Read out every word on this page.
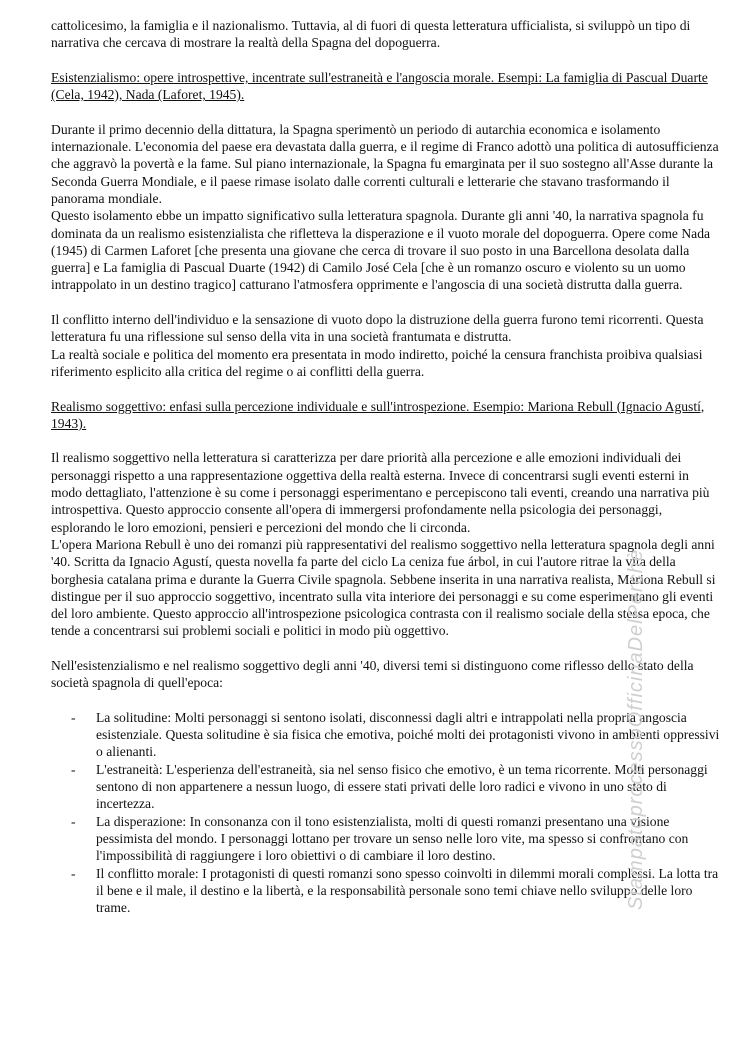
cattolicesimo, la famiglia e il nazionalismo. Tuttavia, al di fuori di questa letteratura ufficialista, si sviluppò un tipo di narrativa che cercava di mostrare la realtà della Spagna del dopoguerra.

Esistenzialismo: opere introspettive, incentrate sull'estraneità e l'angoscia morale. Esempi: La famiglia di Pascual Duarte (Cela, 1942), Nada (Laforet, 1945).

Durante il primo decennio della dittatura, la Spagna sperimentò un periodo di autarchia economica e isolamento internazionale. L'economia del paese era devastata dalla guerra, e il regime di Franco adottò una politica di autosufficienza che aggravò la povertà e la fame. Sul piano internazionale, la Spagna fu emarginata per il suo sostegno all'Asse durante la Seconda Guerra Mondiale, e il paese rimase isolato dalle correnti culturali e letterarie che stavano trasformando il panorama mondiale.

Questo isolamento ebbe un impatto significativo sulla letteratura spagnola. Durante gli anni '40, la narrativa spagnola fu dominata da un realismo esistenzialista che rifletteva la disperazione e il vuoto morale del dopoguerra. Opere come Nada (1945) di Carmen Laforet [che presenta una giovane che cerca di trovare il suo posto in una Barcellona desolata dalla guerra] e La famiglia di Pascual Duarte (1942) di Camilo José Cela [che è un romanzo oscuro e violento su un uomo intrappolato in un destino tragico] catturano l'atmosfera opprimente e l'angoscia di una società distrutta dalla guerra.

Il conflitto interno dell'individuo e la sensazione di vuoto dopo la distruzione della guerra furono temi ricorrenti. Questa letteratura fu una riflessione sul senso della vita in una società frantumata e distrutta.

La realtà sociale e politica del momento era presentata in modo indiretto, poiché la censura franchista proibiva qualsiasi riferimento esplicito alla critica del regime o ai conflitti della guerra.

Realismo soggettivo: enfasi sulla percezione individuale e sull'introspezione. Esempio: Mariona Rebull (Ignacio Agustí, 1943).

Il realismo soggettivo nella letteratura si caratterizza per dare priorità alla percezione e alle emozioni individuali dei personaggi rispetto a una rappresentazione oggettiva della realtà esterna. Invece di concentrarsi sugli eventi esterni in modo dettagliato, l'attenzione è su come i personaggi esperimentano e percepiscono tali eventi, creando una narrativa più introspettiva. Questo approccio consente all'opera di immergersi profondamente nella psicologia dei personaggi, esplorando le loro emozioni, pensieri e percezioni del mondo che li circonda.

L'opera Mariona Rebull è uno dei romanzi più rappresentativi del realismo soggettivo nella letteratura spagnola degli anni '40. Scritta da Ignacio Agustí, questa novella fa parte del ciclo La ceniza fue árbol, in cui l'autore ritrae la vita della borghesia catalana prima e durante la Guerra Civile spagnola. Sebbene inserita in una narrativa realista, Mariona Rebull si distingue per il suo approccio soggettivo, incentrato sulla vita interiore dei personaggi e su come esperimentano gli eventi del loro ambiente. Questo approccio all'introspezione psicologica contrasta con il realismo sociale della stessa epoca, che tende a concentrarsi sui problemi sociali e politici in modo più oggettivo.

Nell'esistenzialismo e nel realismo soggettivo degli anni '40, diversi temi si distinguono come riflesso dello stato della società spagnola di quell'epoca:

- La solitudine: Molti personaggi si sentono isolati, disconnessi dagli altri e intrappolati nella propria angoscia esistenziale. Questa solitudine è sia fisica che emotiva, poiché molti dei protagonisti vivono in ambienti oppressivi o alienanti.
- L'estraneità: L'esperienza dell'estraneità, sia nel senso fisico che emotivo, è un tema ricorrente. Molti personaggi sentono di non appartenere a nessun luogo, di essere stati privati delle loro radici e vivono in uno stato di incertezza.
- La disperazione: In consonanza con il tono esistenzialista, molti di questi romanzi presentano una visione pessimista del mondo. I personaggi lottano per trovare un senso nelle loro vite, ma spesso si confrontano con l'impossibilità di raggiungere i loro obiettivi o di cambiare il loro destino.
- Il conflitto morale: I protagonisti di questi romanzi sono spesso coinvolti in dilemmi morali complessi. La lotta tra il bene e il male, il destino e la libertà, e la responsabilità personale sono temi chiave nello sviluppo delle loro trame.	StampatoprocessoOfficinaDelPerchè
